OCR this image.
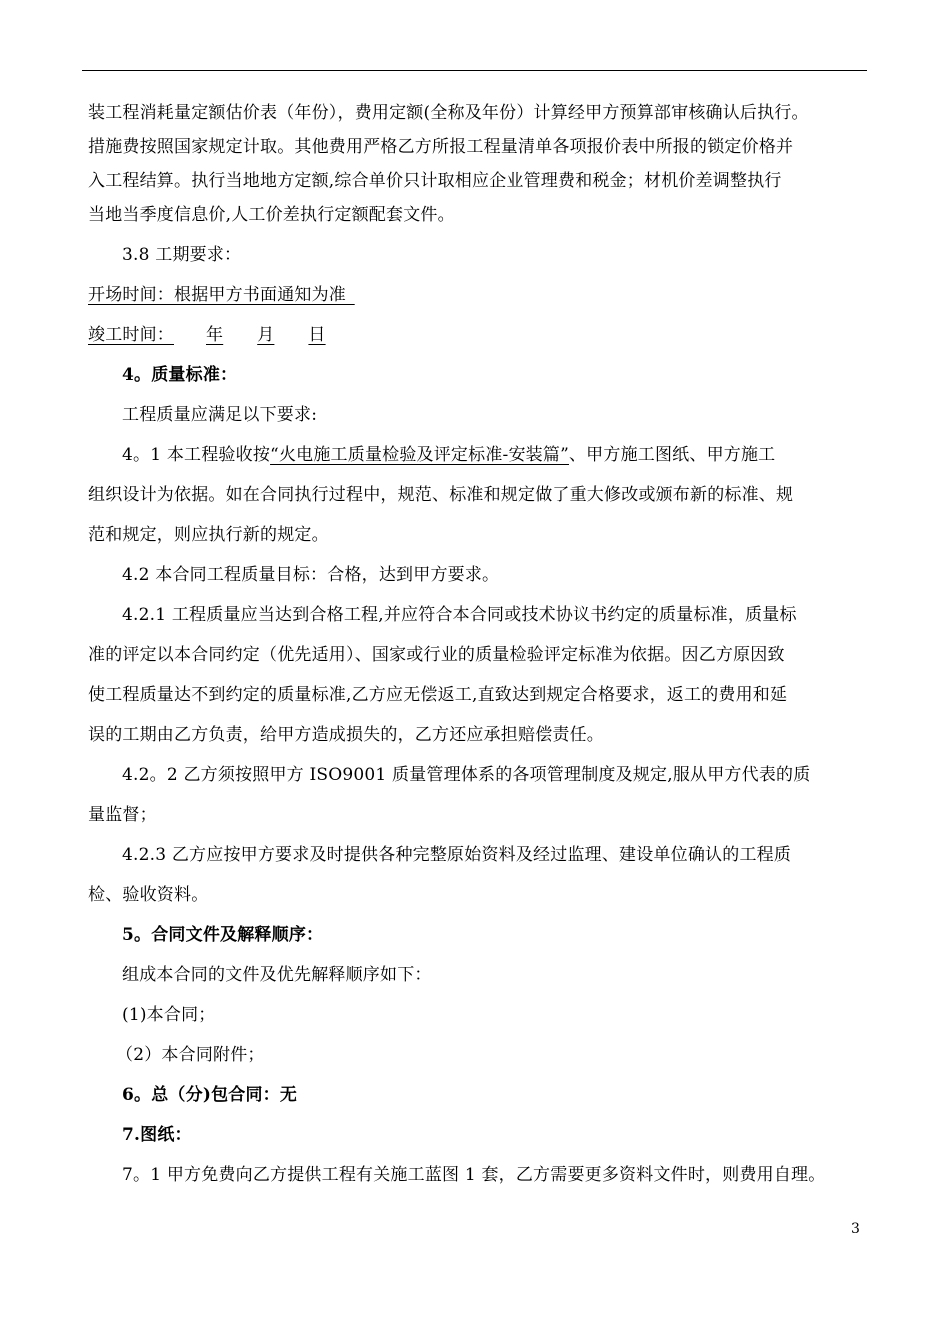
装工程消耗量定额估价表（年份），费用定额(全称及年份）计算经甲方预算部审核确认后执行。

措施费按照国家规定计取。其他费用严格乙方所报工程量清单各项报价表中所报的锁定价格并

入工程结算。执行当地地方定额,综合单价只计取相应企业管理费和税金；材机价差调整执行

当地当季度信息价,人工价差执行定额配套文件。

3.8 工期要求：

开场时间：根据甲方书面通知为准 

竣工时间： 年 月 日

4。质量标准：

工程质量应满足以下要求:

4。1 本工程验收按“火电施工质量检验及评定标准-安装篇”、甲方施工图纸、甲方施工

组织设计为依据。如在合同执行过程中，规范、标准和规定做了重大修改或颁布新的标准、规

范和规定，则应执行新的规定。

4.2 本合同工程质量目标：合格，达到甲方要求。

4.2.1 工程质量应当达到合格工程,并应符合本合同或技术协议书约定的质量标准，质量标

准的评定以本合同约定（优先适用）、国家或行业的质量检验评定标准为依据。因乙方原因致

使工程质量达不到约定的质量标准,乙方应无偿返工,直致达到规定合格要求，返工的费用和延

误的工期由乙方负责，给甲方造成损失的，乙方还应承担赔偿责任。

4.2。2 乙方须按照甲方 ISO9001 质量管理体系的各项管理制度及规定,服从甲方代表的质

量监督；

4.2.3 乙方应按甲方要求及时提供各种完整原始资料及经过监理、建设单位确认的工程质

检、验收资料。

5。合同文件及解释顺序：

组成本合同的文件及优先解释顺序如下：

(1)本合同；

（2）本合同附件；

6。总（分)包合同：无

7.图纸：

7。1 甲方免费向乙方提供工程有关施工蓝图 1 套，乙方需要更多资料文件时，则费用自理。

3
